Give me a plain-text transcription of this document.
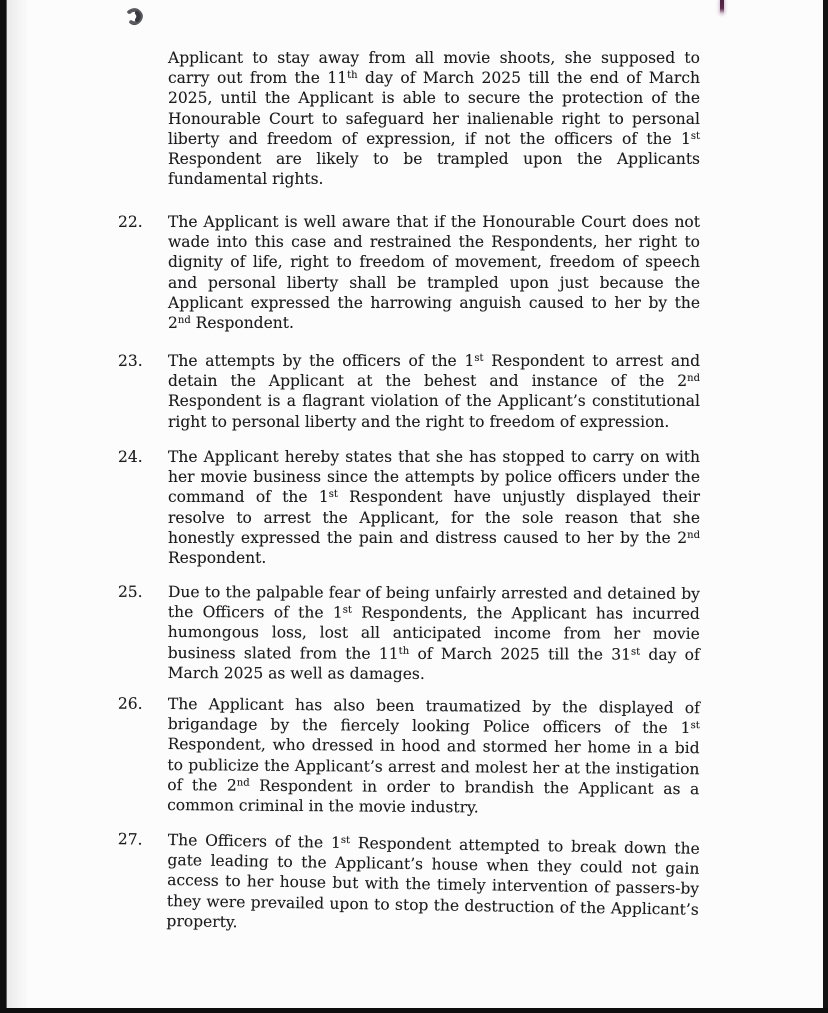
Applicant to stay away from all movie shoots, she supposed to carry out from the 11th day of March 2025 till the end of March 2025, until the Applicant is able to secure the protection of the Honourable Court to safeguard her inalienable right to personal liberty and freedom of expression, if not the officers of the 1st Respondent are likely to be trampled upon the Applicants fundamental rights.
22.	The Applicant is well aware that if the Honourable Court does not wade into this case and restrained the Respondents, her right to dignity of life, right to freedom of movement, freedom of speech and personal liberty shall be trampled upon just because the Applicant expressed the harrowing anguish caused to her by the 2nd Respondent.
23.	The attempts by the officers of the 1st Respondent to arrest and detain the Applicant at the behest and instance of the 2nd Respondent is a flagrant violation of the Applicant’s constitutional right to personal liberty and the right to freedom of expression.
24.	The Applicant hereby states that she has stopped to carry on with her movie business since the attempts by police officers under the command of the 1st Respondent have unjustly displayed their resolve to arrest the Applicant, for the sole reason that she honestly expressed the pain and distress caused to her by the 2nd Respondent.
25.	Due to the palpable fear of being unfairly arrested and detained by the Officers of the 1st Respondents, the Applicant has incurred humongous loss, lost all anticipated income from her movie business slated from the 11th of March 2025 till the 31st day of March 2025 as well as damages.
26.	The Applicant has also been traumatized by the displayed of brigandage by the fiercely looking Police officers of the 1st Respondent, who dressed in hood and stormed her home in a bid to publicize the Applicant’s arrest and molest her at the instigation of the 2nd Respondent in order to brandish the Applicant as a common criminal in the movie industry.
27.	The Officers of the 1st Respondent attempted to break down the gate leading to the Applicant’s house when they could not gain access to her house but with the timely intervention of passers-by they were prevailed upon to stop the destruction of the Applicant’s property.
